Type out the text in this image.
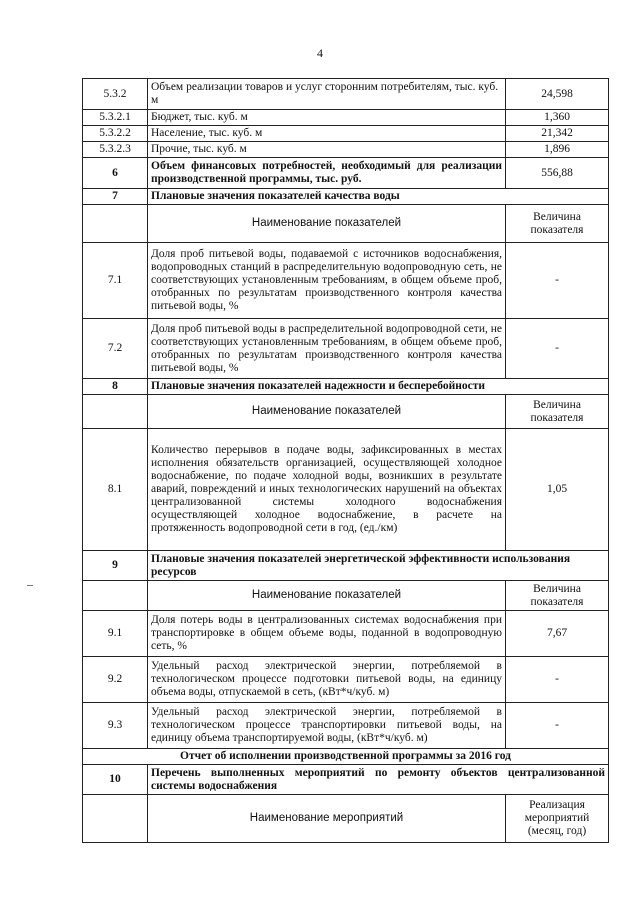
4
5.3.2	Объем реализации товаров и услуг сторонним потребителям, тыс. куб. м	24,598
5.3.2.1	Бюджет, тыс. куб. м	1,360
5.3.2.2	Население, тыс. куб. м	21,342
5.3.2.3	Прочие, тыс. куб. м	1,896
6	Объем финансовых потребностей, необходимый для реализации производственной программы, тыс. руб.	556,88
7	Плановые значения показателей качества воды	
	Наименование показателей	Величина показателя
7.1	Доля проб питьевой воды, подаваемой с источников водоснабжения, водопроводных станций в распределительную водопроводную сеть, не соответствующих установленным требованиям, в общем объеме проб, отобранных по результатам производственного контроля качества питьевой воды, %	-
7.2	Доля проб питьевой воды в распределительной водопроводной сети, не соответствующих установленным требованиям, в общем объеме проб, отобранных по результатам производственного контроля качества питьевой воды, %	-
8	Плановые значения показателей надежности и бесперебойности	
	Наименование показателей	Величина показателя
8.1	Количество перерывов в подаче воды, зафиксированных в местах исполнения обязательств организацией, осуществляющей холодное водоснабжение, по подаче холодной воды, возникших в результате аварий, повреждений и иных технологических нарушений на объектах централизованной системы холодного водоснабжения осуществляющей холодное водоснабжение, в расчете на протяженность водопроводной сети в год, (ед./км)	1,05
9	Плановые значения показателей энергетической эффективности использования ресурсов	
	Наименование показателей	Величина показателя
9.1	Доля потерь воды в централизованных системах водоснабжения при транспортировке в общем объеме воды, поданной в водопроводную сеть, %	7,67
9.2	Удельный расход электрической энергии, потребляемой в технологическом процессе подготовки питьевой воды, на единицу объема воды, отпускаемой в сеть, (кВт*ч/куб. м)	-
9.3	Удельный расход электрической энергии, потребляемой в технологическом процессе транспортировки питьевой воды, на единицу объема транспортируемой воды, (кВт*ч/куб. м)	-
Отчет об исполнении производственной программы за 2016 год		
10	Перечень выполненных мероприятий по ремонту объектов централизованной системы водоснабжения	
	Наименование мероприятий	Реализация мероприятий (месяц, год)
